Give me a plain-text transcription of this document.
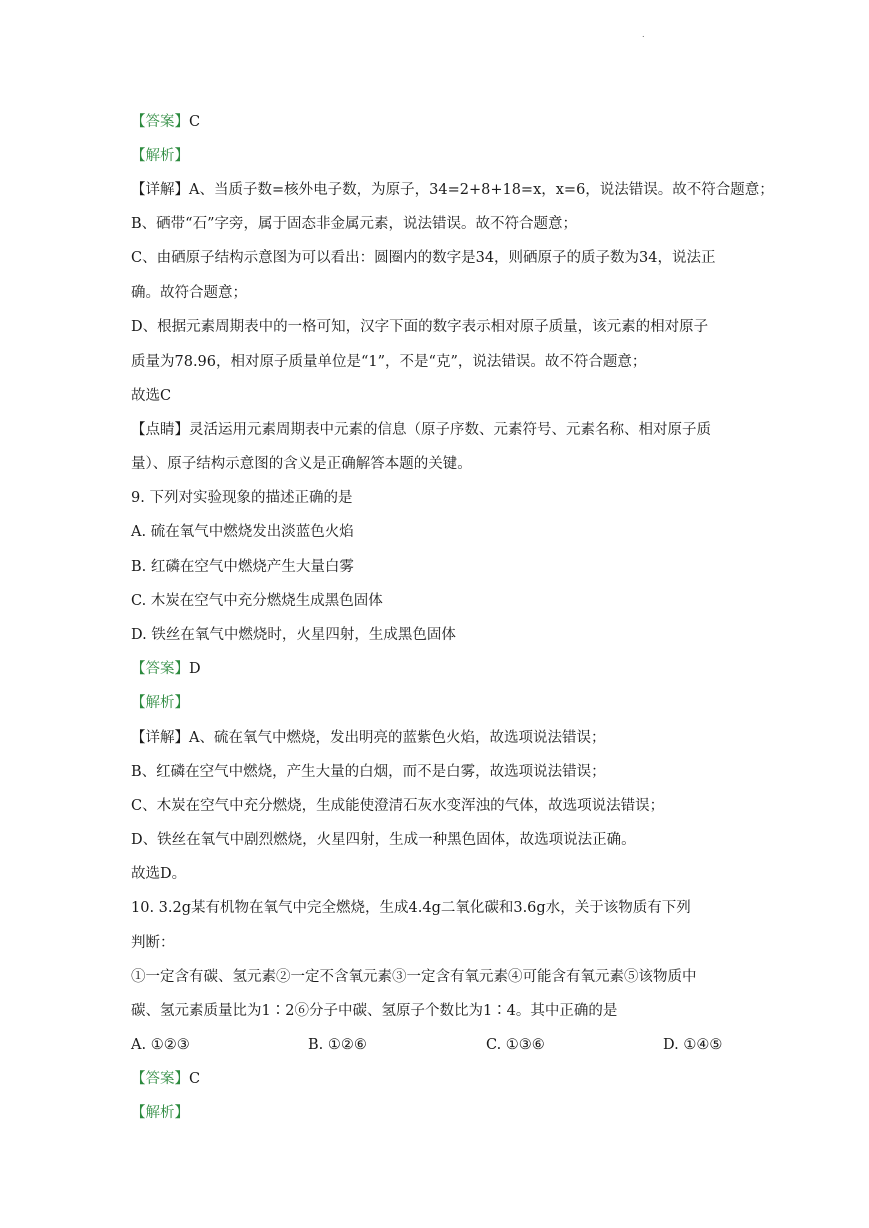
.

【答案】C

【解析】

【详解】A、当质子数=核外电子数，为原子，34=2+8+18=x，x=6，说法错误。故不符合题意；

B、硒带“石”字旁，属于固态非金属元素，说法错误。故不符合题意；

C、由硒原子结构示意图为可以看出：圆圈内的数字是34，则硒原子的质子数为34，说法正

确。故符合题意；

D、根据元素周期表中的一格可知，汉字下面的数字表示相对原子质量，该元素的相对原子

质量为78.96，相对原子质量单位是“1”，不是“克”，说法错误。故不符合题意；

故选C

【点睛】灵活运用元素周期表中元素的信息（原子序数、元素符号、元素名称、相对原子质

量）、原子结构示意图的含义是正确解答本题的关键。

9. 下列对实验现象的描述正确的是

A. 硫在氧气中燃烧发出淡蓝色火焰

B. 红磷在空气中燃烧产生大量白雾

C. 木炭在空气中充分燃烧生成黑色固体

D. 铁丝在氧气中燃烧时，火星四射，生成黑色固体

【答案】D

【解析】

【详解】A、硫在氧气中燃烧，发出明亮的蓝紫色火焰，故选项说法错误；

B、红磷在空气中燃烧，产生大量的白烟，而不是白雾，故选项说法错误；

C、木炭在空气中充分燃烧，生成能使澄清石灰水变浑浊的气体，故选项说法错误；

D、铁丝在氧气中剧烈燃烧，火星四射，生成一种黑色固体，故选项说法正确。

故选D。

10. 3.2g某有机物在氧气中完全燃烧，生成4.4g二氧化碳和3.6g水，关于该物质有下列

判断：

①一定含有碳、氢元素②一定不含氧元素③一定含有氧元素④可能含有氧元素⑤该物质中

碳、氢元素质量比为1∶2⑥分子中碳、氢原子个数比为1∶4。其中正确的是

A. ①②③	B. ①②⑥	C. ①③⑥	D. ①④⑤

【答案】C

【解析】
